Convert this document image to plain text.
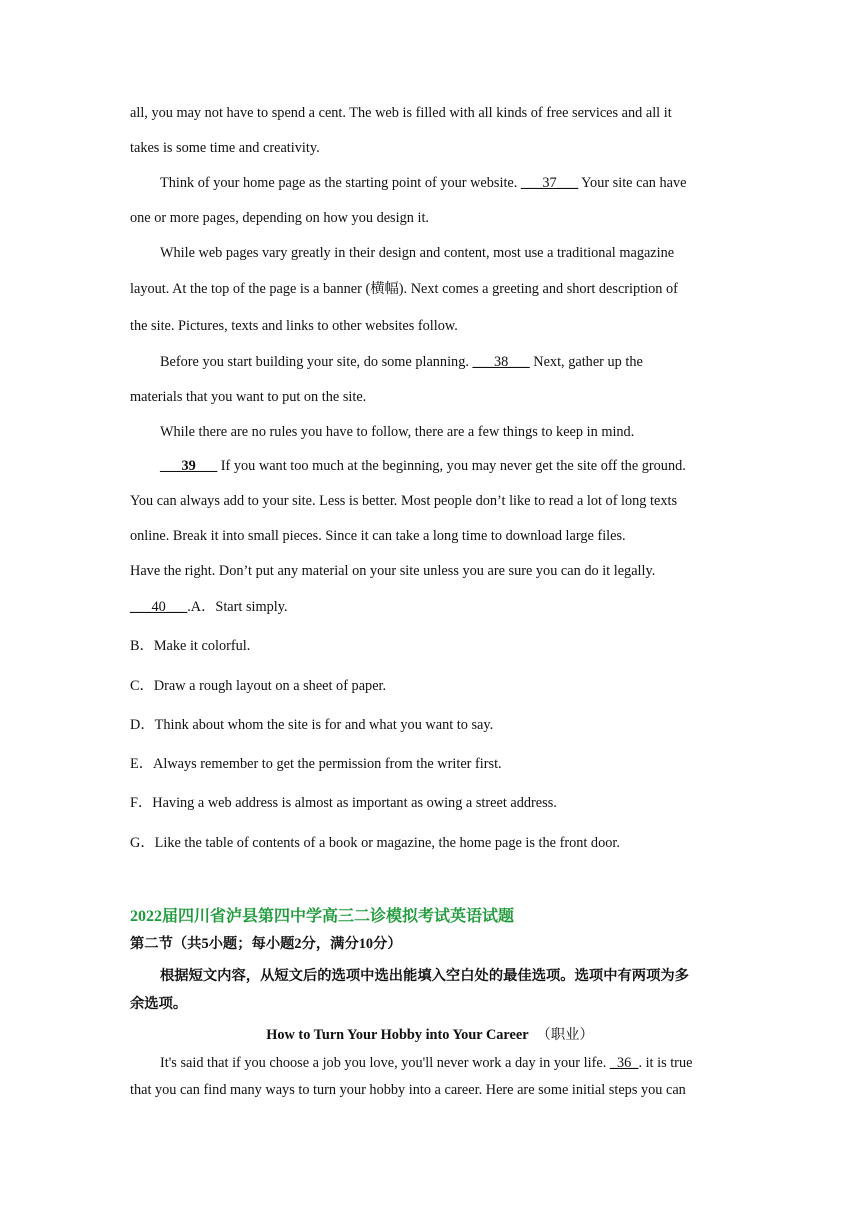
all, you may not have to spend a cent. The web is filled with all kinds of free services and all it
takes is some time and creativity.
Think of your home page as the starting point of your website. ___37___ Your site can have
one or more pages, depending on how you design it.
While web pages vary greatly in their design and content, most use a traditional magazine
layout. At the top of the page is a banner (横幅). Next comes a greeting and short description of
the site. Pictures, texts and links to other websites follow.
Before you start building your site, do some planning. ___38___ Next, gather up the
materials that you want to put on the site.
While there are no rules you have to follow, there are a few things to keep in mind.
___39___ If you want too much at the beginning, you may never get the site off the ground.
You can always add to your site. Less is better. Most people don’t like to read a lot of long texts
online. Break it into small pieces. Since it can take a long time to download large files.
Have the right. Don’t put any material on your site unless you are sure you can do it legally.
___40___.A．Start simply.
B．Make it colorful.
C．Draw a rough layout on a sheet of paper.
D．Think about whom the site is for and what you want to say.
E．Always remember to get the permission from the writer first.
F．Having a web address is almost as important as owing a street address.
G．Like the table of contents of a book or magazine, the home page is the front door.
2022届四川省泸县第四中学高三二诊模拟考试英语试题
第二节（共5小题；每小题2分，满分10分）
根据短文内容，从短文后的选项中选出能填入空白处的最佳选项。选项中有两项为多
余选项。
How to Turn Your Hobby into Your Career （职业）
It's said that if you choose a job you love, you'll never work a day in your life. _36_. it is true
that you can find many ways to turn your hobby into a career. Here are some initial steps you can
